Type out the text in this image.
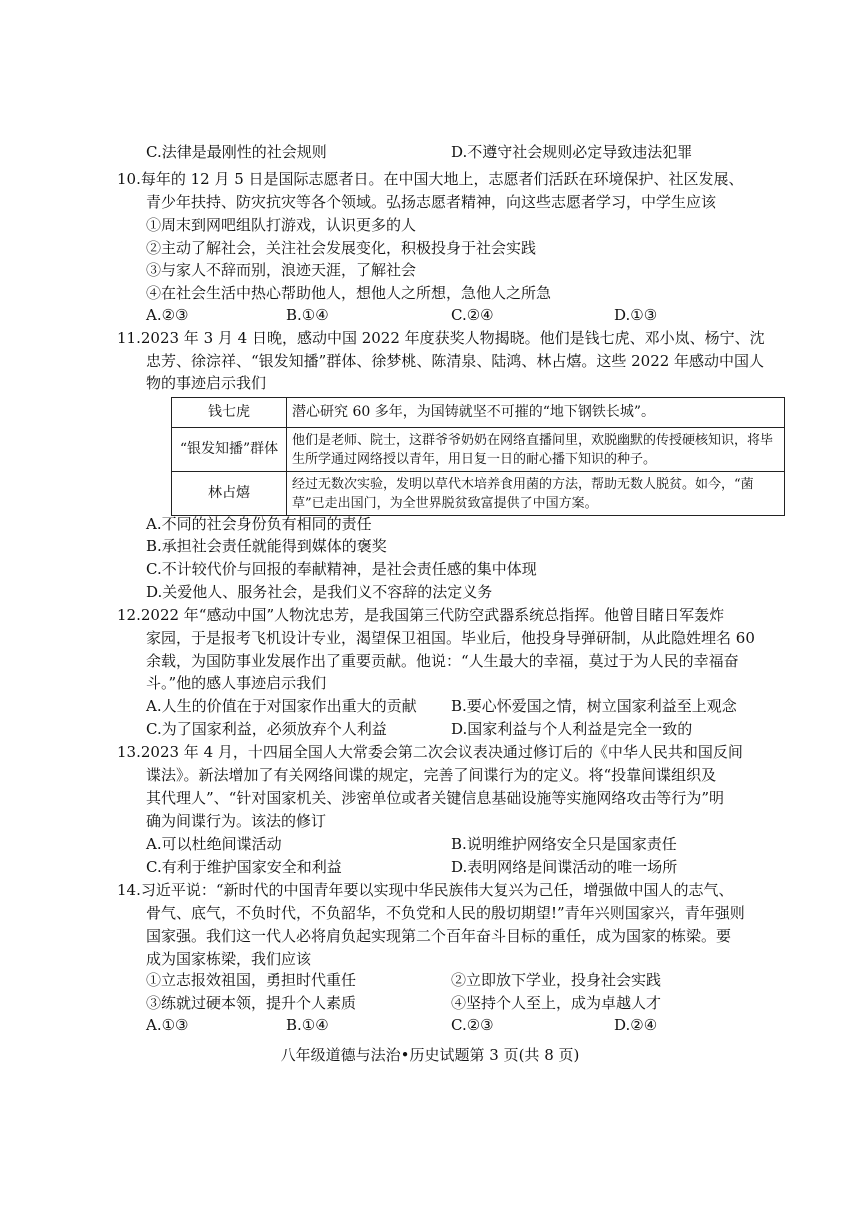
C.法律是最刚性的社会规则	D.不遵守社会规则必定导致违法犯罪
10.每年的 12 月 5 日是国际志愿者日。在中国大地上，志愿者们活跃在环境保护、社区发展、
青少年扶持、防灾抗灾等各个领域。弘扬志愿者精神，向这些志愿者学习，中学生应该
①周末到网吧组队打游戏，认识更多的人
②主动了解社会，关注社会发展变化，积极投身于社会实践
③与家人不辞而别，浪迹天涯，了解社会
④在社会生活中热心帮助他人，想他人之所想，急他人之所急
A.②③	B.①④	C.②④	D.①③
11.2023 年 3 月 4 日晚，感动中国 2022 年度获奖人物揭晓。他们是钱七虎、邓小岚、杨宁、沈
忠芳、徐淙祥、“银发知播”群体、徐梦桃、陈清泉、陆鸿、林占熺。这些 2022 年感动中国人
物的事迹启示我们
钱七虎	潜心研究 60 多年，为国铸就坚不可摧的“地下钢铁长城”。
“银发知播”群体	他们是老师、院士，这群爷爷奶奶在网络直播间里，欢脱幽默的传授硬核知识，将毕生所学通过网络授以青年，用日复一日的耐心播下知识的种子。
林占熺	经过无数次实验，发明以草代木培养食用菌的方法，帮助无数人脱贫。如今，“菌草”已走出国门，为全世界脱贫致富提供了中国方案。
A.不同的社会身份负有相同的责任
B.承担社会责任就能得到媒体的褒奖
C.不计较代价与回报的奉献精神，是社会责任感的集中体现
D.关爱他人、服务社会，是我们义不容辞的法定义务
12.2022 年“感动中国”人物沈忠芳，是我国第三代防空武器系统总指挥。他曾目睹日军轰炸
家园，于是报考飞机设计专业，渴望保卫祖国。毕业后，他投身导弹研制，从此隐姓埋名 60
余载，为国防事业发展作出了重要贡献。他说：“人生最大的幸福，莫过于为人民的幸福奋
斗。”他的感人事迹启示我们
A.人生的价值在于对国家作出重大的贡献 B.要心怀爱国之情，树立国家利益至上观念
C.为了国家利益，必须放弃个人利益	D.国家利益与个人利益是完全一致的
13.2023 年 4 月，十四届全国人大常委会第二次会议表决通过修订后的《中华人民共和国反间
谍法》。新法增加了有关网络间谍的规定，完善了间谍行为的定义。将“投靠间谍组织及
其代理人”、“针对国家机关、涉密单位或者关键信息基础设施等实施网络攻击等行为”明
确为间谍行为。该法的修订
A.可以杜绝间谍活动	B.说明维护网络安全只是国家责任
C.有利于维护国家安全和利益	D.表明网络是间谍活动的唯一场所
14.习近平说：“新时代的中国青年要以实现中华民族伟大复兴为己任，增强做中国人的志气、
骨气、底气，不负时代，不负韶华，不负党和人民的殷切期望!”青年兴则国家兴，青年强则
国家强。我们这一代人必将肩负起实现第二个百年奋斗目标的重任，成为国家的栋梁。要
成为国家栋梁，我们应该
①立志报效祖国，勇担时代重任	②立即放下学业，投身社会实践
③练就过硬本领，提升个人素质	④坚持个人至上，成为卓越人才
A.①③	B.①④	C.②③	D.②④
八年级道德与法治•历史试题第 3 页(共 8 页)
